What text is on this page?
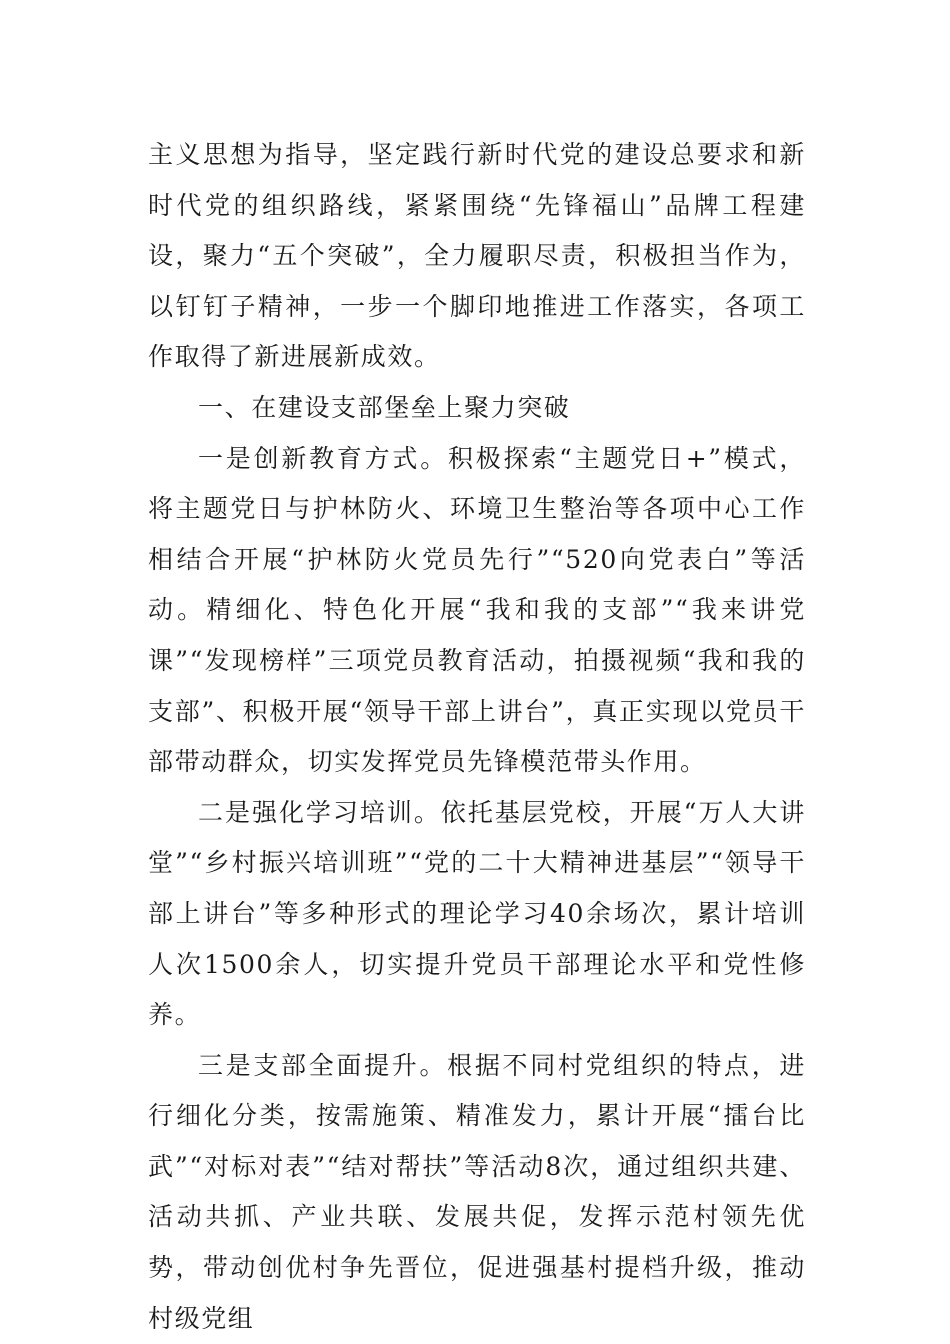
主义思想为指导，坚定践行新时代党的建设总要求和新时代党的组织路线，紧紧围绕“先锋福山”品牌工程建设，聚力“五个突破”，全力履职尽责，积极担当作为，以钉钉子精神，一步一个脚印地推进工作落实，各项工作取得了新进展新成效。

一、在建设支部堡垒上聚力突破

一是创新教育方式。积极探索“主题党日+”模式，将主题党日与护林防火、环境卫生整治等各项中心工作相结合开展“护林防火党员先行”“520向党表白”等活动。精细化、特色化开展“我和我的支部”“我来讲党课”“发现榜样”三项党员教育活动，拍摄视频“我和我的支部”、积极开展“领导干部上讲台”，真正实现以党员干部带动群众，切实发挥党员先锋模范带头作用。

二是强化学习培训。依托基层党校，开展“万人大讲堂”“乡村振兴培训班”“党的二十大精神进基层”“领导干部上讲台”等多种形式的理论学习40余场次，累计培训人次1500余人，切实提升党员干部理论水平和党性修养。

三是支部全面提升。根据不同村党组织的特点，进行细化分类，按需施策、精准发力，累计开展“擂台比武”“对标对表”“结对帮扶”等活动8次，通过组织共建、活动共抓、产业共联、发展共促，发挥示范村领先优势，带动创优村争先晋位，促进强基村提档升级，推动村级党组
